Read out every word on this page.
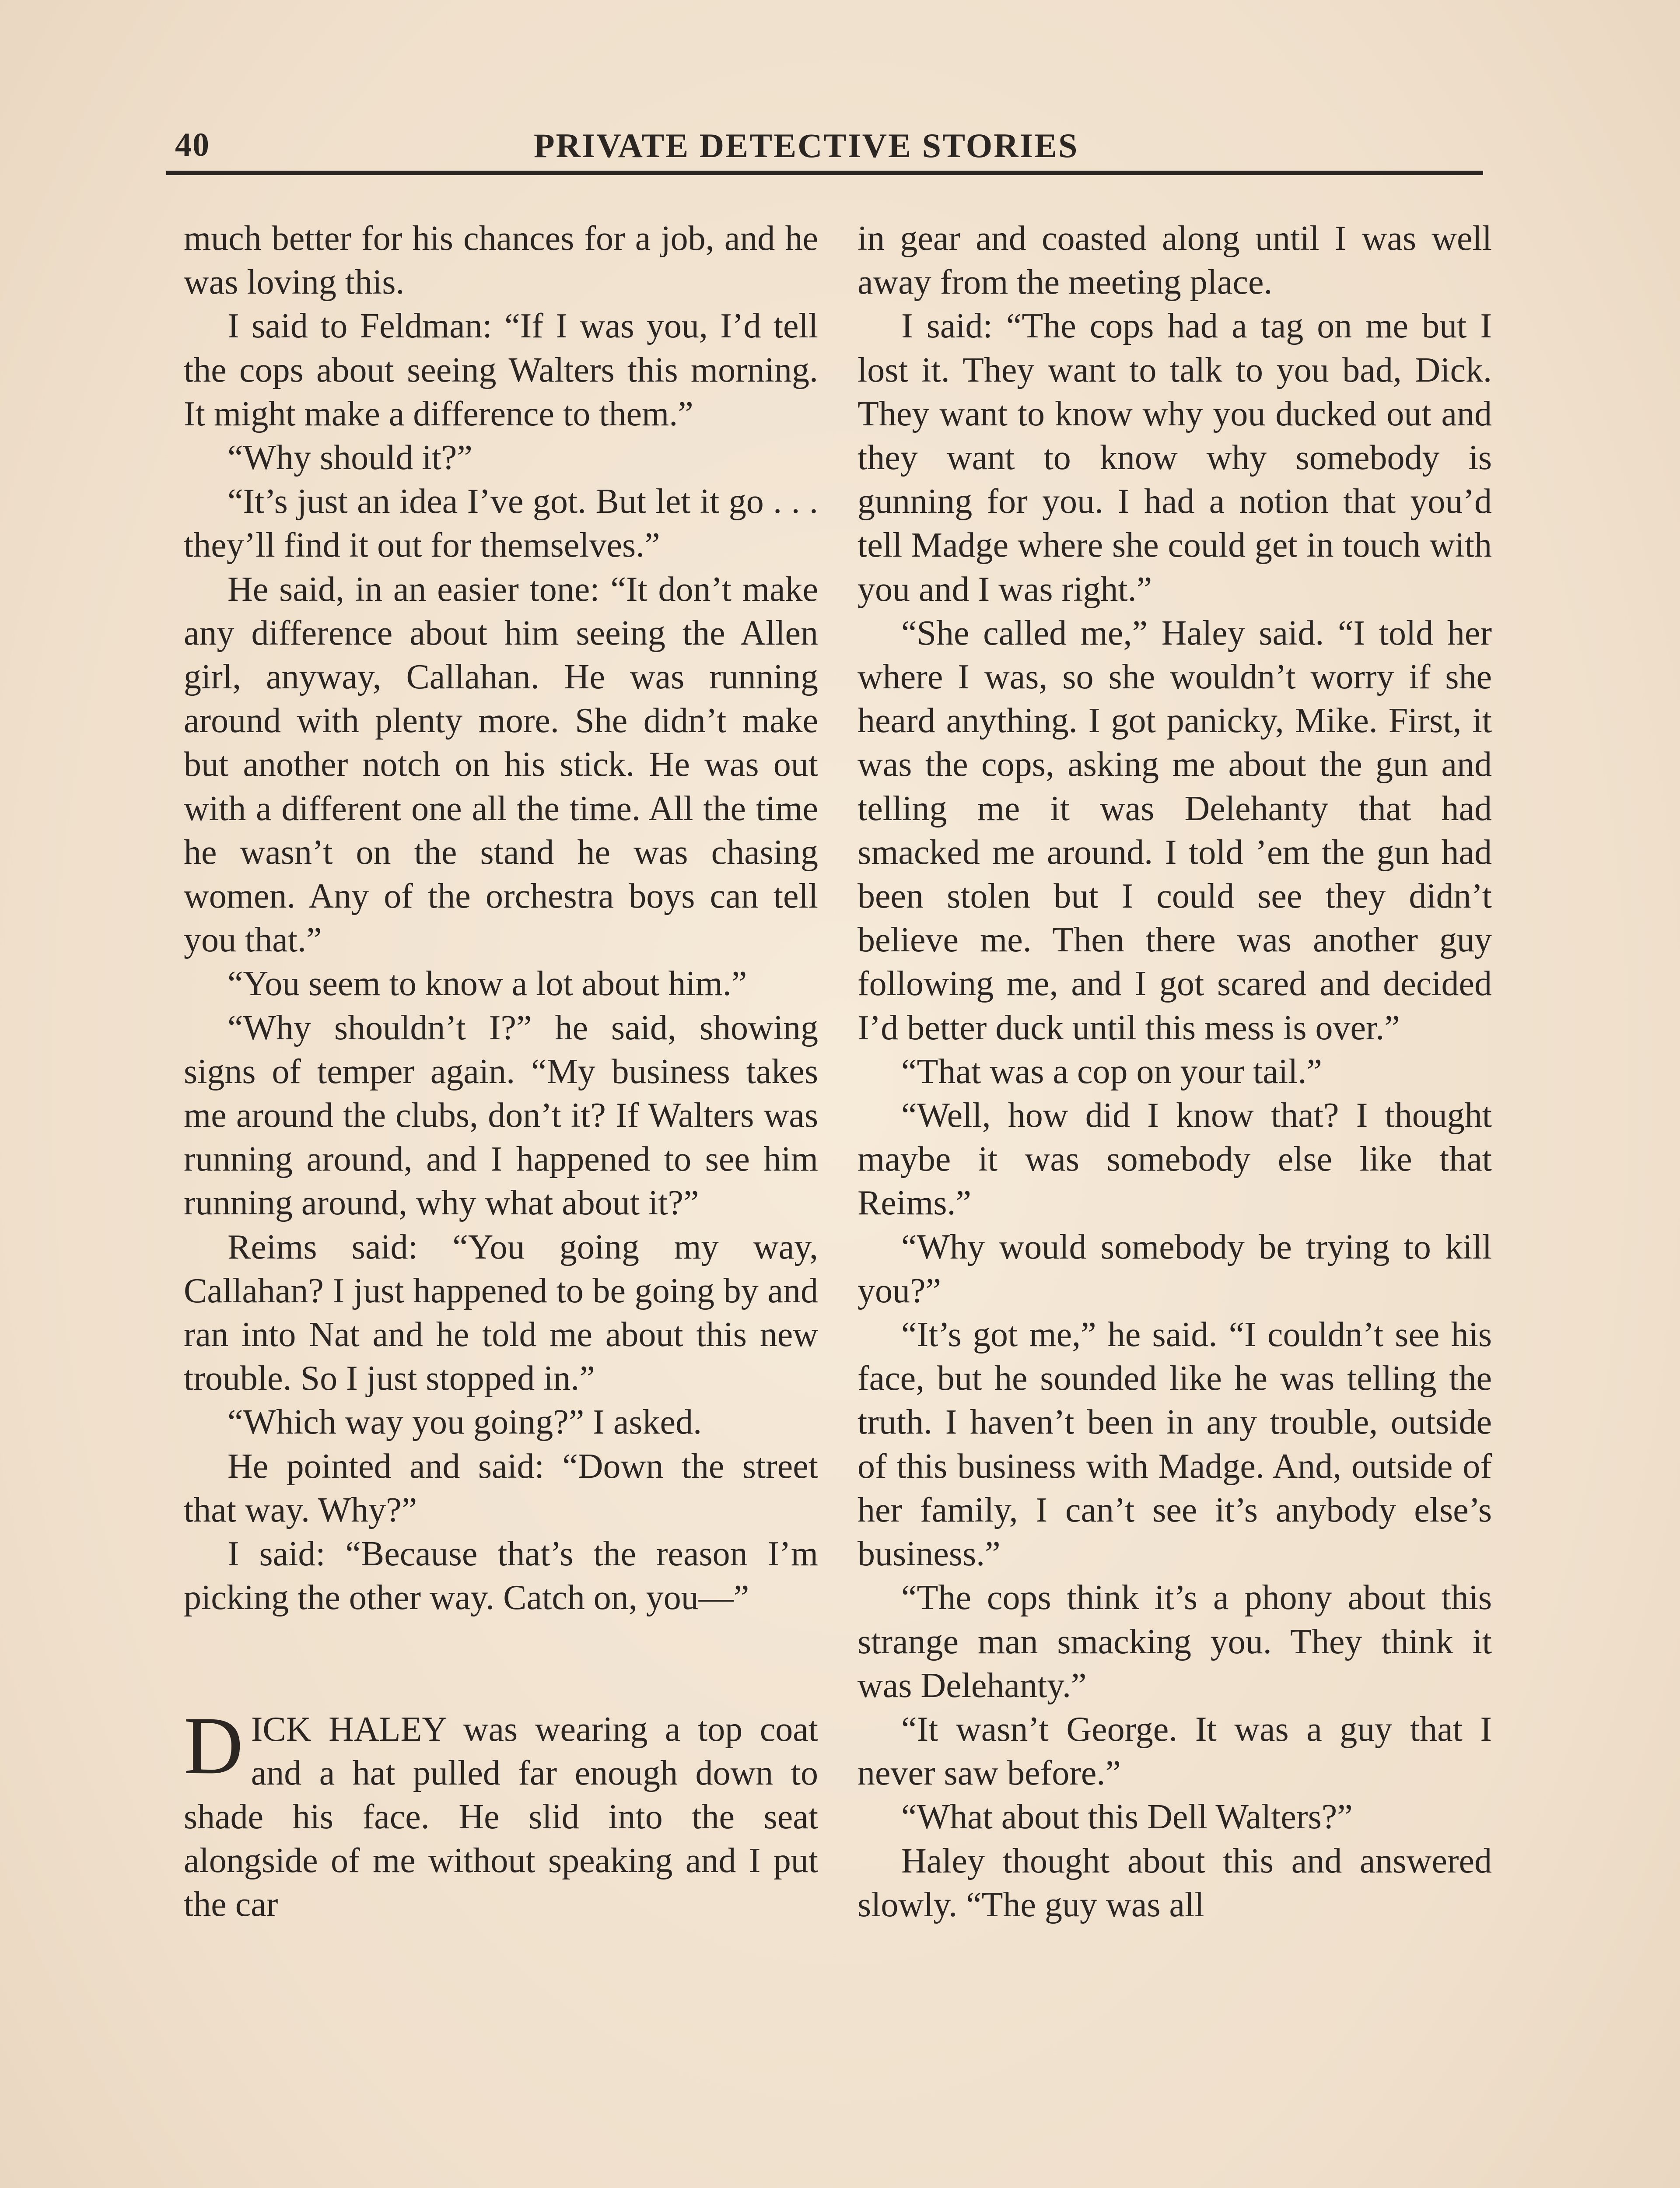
40	PRIVATE DETECTIVE STORIES

much better for his chances for a job, and he was loving this.

I said to Feldman: “If I was you, I’d tell the cops about seeing Walters this morning. It might make a difference to them.”

“Why should it?”

“It’s just an idea I’ve got. But let it go . . . they’ll find it out for themselves.”

He said, in an easier tone: “It don’t make any difference about him seeing the Allen girl, anyway, Callahan. He was running around with plenty more. She didn’t make but another notch on his stick. He was out with a different one all the time. All the time he wasn’t on the stand he was chasing women. Any of the orchestra boys can tell you that.”

“You seem to know a lot about him.”

“Why shouldn’t I?” he said, showing signs of temper again. “My business takes me around the clubs, don’t it? If Walters was running around, and I happened to see him running around, why what about it?”

Reims said: “You going my way, Callahan? I just happened to be going by and ran into Nat and he told me about this new trouble. So I just stopped in.”

“Which way you going?” I asked.

He pointed and said: “Down the street that way. Why?”

I said: “Because that’s the reason I’m picking the other way. Catch on, you—”

DICK HALEY was wearing a top coat and a hat pulled far enough down to shade his face. He slid into the seat alongside of me without speaking and I put the car

in gear and coasted along until I was well away from the meeting place.

I said: “The cops had a tag on me but I lost it. They want to talk to you bad, Dick. They want to know why you ducked out and they want to know why somebody is gunning for you. I had a notion that you’d tell Madge where she could get in touch with you and I was right.”

“She called me,” Haley said. “I told her where I was, so she wouldn’t worry if she heard anything. I got panicky, Mike. First, it was the cops, asking me about the gun and telling me it was Delehanty that had smacked me around. I told ’em the gun had been stolen but I could see they didn’t believe me. Then there was another guy following me, and I got scared and decided I’d better duck until this mess is over.”

“That was a cop on your tail.”

“Well, how did I know that? I thought maybe it was somebody else like that Reims.”

“Why would somebody be trying to kill you?”

“It’s got me,” he said. “I couldn’t see his face, but he sounded like he was telling the truth. I haven’t been in any trouble, outside of this business with Madge. And, outside of her family, I can’t see it’s anybody else’s business.”

“The cops think it’s a phony about this strange man smacking you. They think it was Delehanty.”

“It wasn’t George. It was a guy that I never saw before.”

“What about this Dell Walters?”

Haley thought about this and answered slowly. “The guy was all
